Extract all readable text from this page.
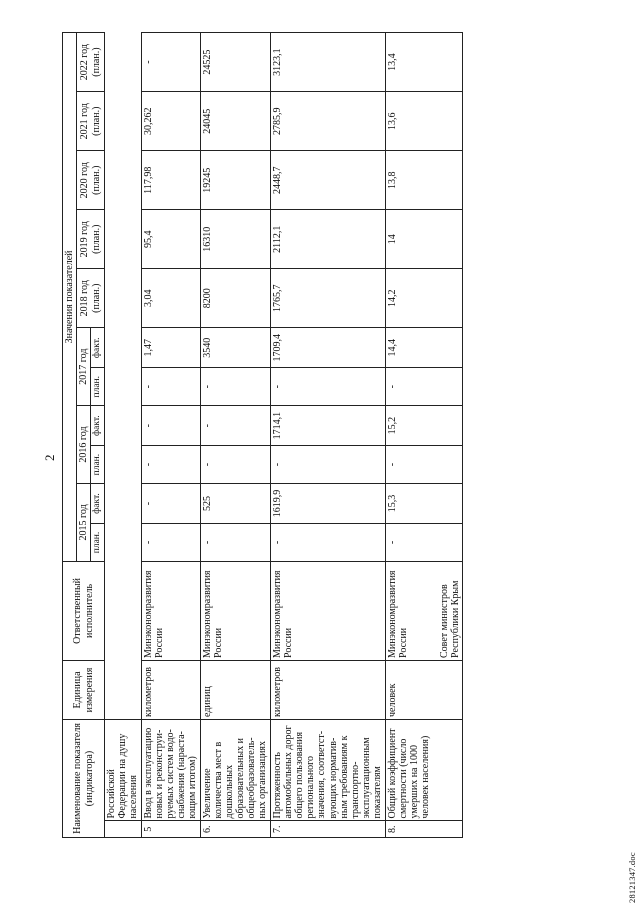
2
Наименование показателя (индикатора)		Единица измерения	Ответственный исполнитель	Значения показателей										
				2015 год		2016 год		2017 год		2018 год (план.)	2019 год (план.)	2020 год (план.)	2021 год (план.)	2022 год (план.)
				план.	факт.	план.	факт.	план.	факт.					
	Российской Федерации на душу населения													
5	Ввод в эксплуатацию новых и реконструи-руемых систем водо-снабжения (нараста-ющим итогом)	километров	Минэкономразвития России	-	-	-	-	-	1,47	3,04	95,4	117,98	30,262	-
6.	Увеличение количества мест в дошкольных образовательных и общеобразователь-ных организациях	единиц	Минэкономразвития России	-	525	-	-	-	3540	8200	16310	19245	24045	24525
7.	Протяженность автомобильных дорог общего пользования регионального значения, соответст-вующих норматив-ным требованиям к транспортно-эксплуатационным показателям	километров	Минэкономразвития России	-	1619,9	-	1714,1	-	1709,4	1765,7	2112,1	2448,7	2785,9	3123,1
8.	Общий коэффициент смертности (число умерших на 1000 человек населения)	человек	Минэкономразвития России Совет министров Республики Крым	-	15,3	-	15,2	-	14,4	14,2	14	13,8	13,6	13,4
28121347.doc
